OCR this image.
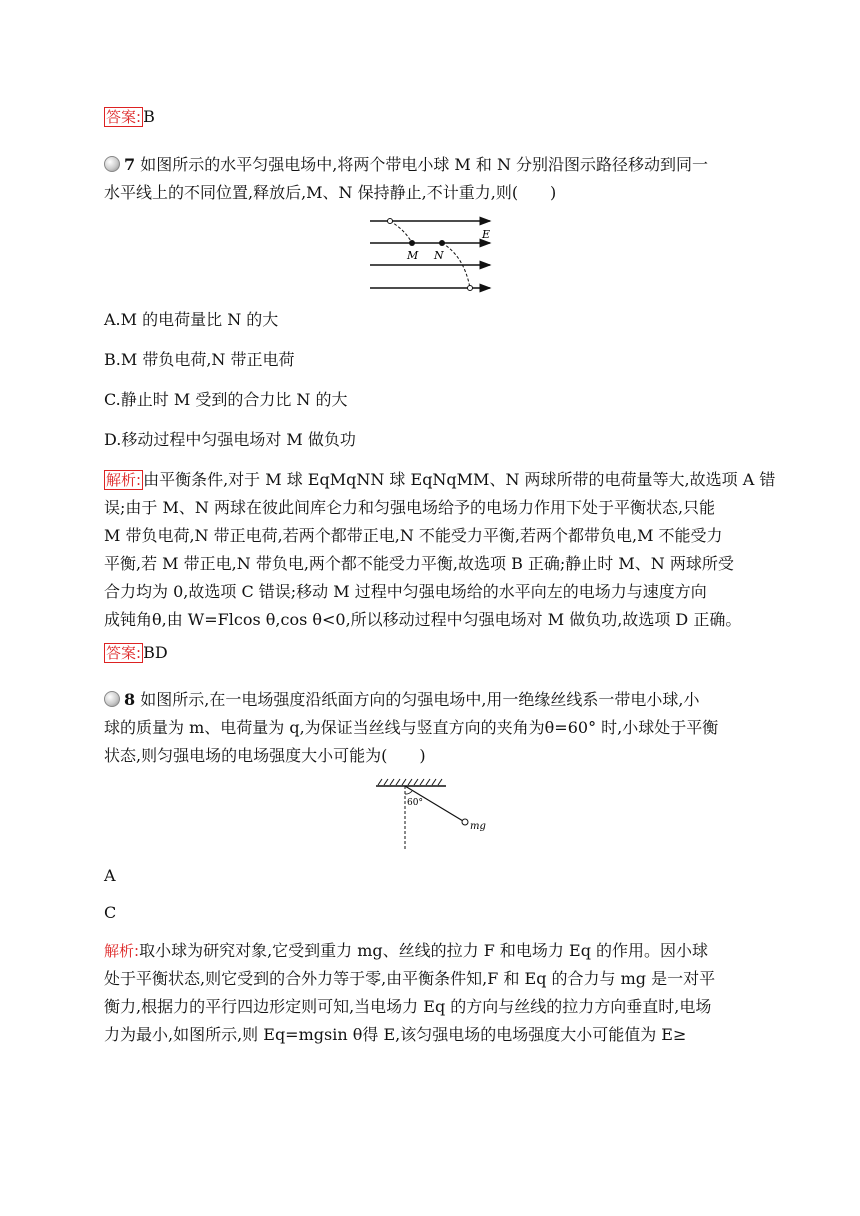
答案: B
7 如图所示的水平匀强电场中,将两个带电小球 M 和 N 分别沿图示路径移动到同一
水平线上的不同位置,释放后,M、N 保持静止,不计重力,则(　　)
M N
E
A.M 的电荷量比 N 的大
B.M 带负电荷,N 带正电荷
C.静止时 M 受到的合力比 N 的大
D.移动过程中匀强电场对 M 做负功
解析: 由平衡条件,对于 M 球 EqMqNN 球 EqNqMM、N 两球所带的电荷量等大,故选项 A 错
误;由于 M、N 两球在彼此间库仑力和匀强电场给予的电场力作用下处于平衡状态,只能
M 带负电荷,N 带正电荷,若两个都带正电,N 不能受力平衡,若两个都带负电,M 不能受力
平衡,若 M 带正电,N 带负电,两个都不能受力平衡,故选项 B 正确;静止时 M、N 两球所受
合力均为 0,故选项 C 错误;移动 M 过程中匀强电场给的水平向左的电场力与速度方向
成钝角θ,由 W=Flcos θ,cos θ<0,所以移动过程中匀强电场对 M 做负功,故选项 D 正确。
答案: BD
8 如图所示,在一电场强度沿纸面方向的匀强电场中,用一绝缘丝线系一带电小球,小
球的质量为 m、电荷量为 q,为保证当丝线与竖直方向的夹角为θ=60° 时,小球处于平衡
状态,则匀强电场的电场强度大小可能为(　　)
60°
mg
A
C
解析:取小球为研究对象,它受到重力 mg、丝线的拉力 F 和电场力 Eq 的作用。因小球
处于平衡状态,则它受到的合外力等于零,由平衡条件知,F 和 Eq 的合力与 mg 是一对平
衡力,根据力的平行四边形定则可知,当电场力 Eq 的方向与丝线的拉力方向垂直时,电场
力为最小,如图所示,则 Eq=mgsin θ得 E,该匀强电场的电场强度大小可能值为 E≥
